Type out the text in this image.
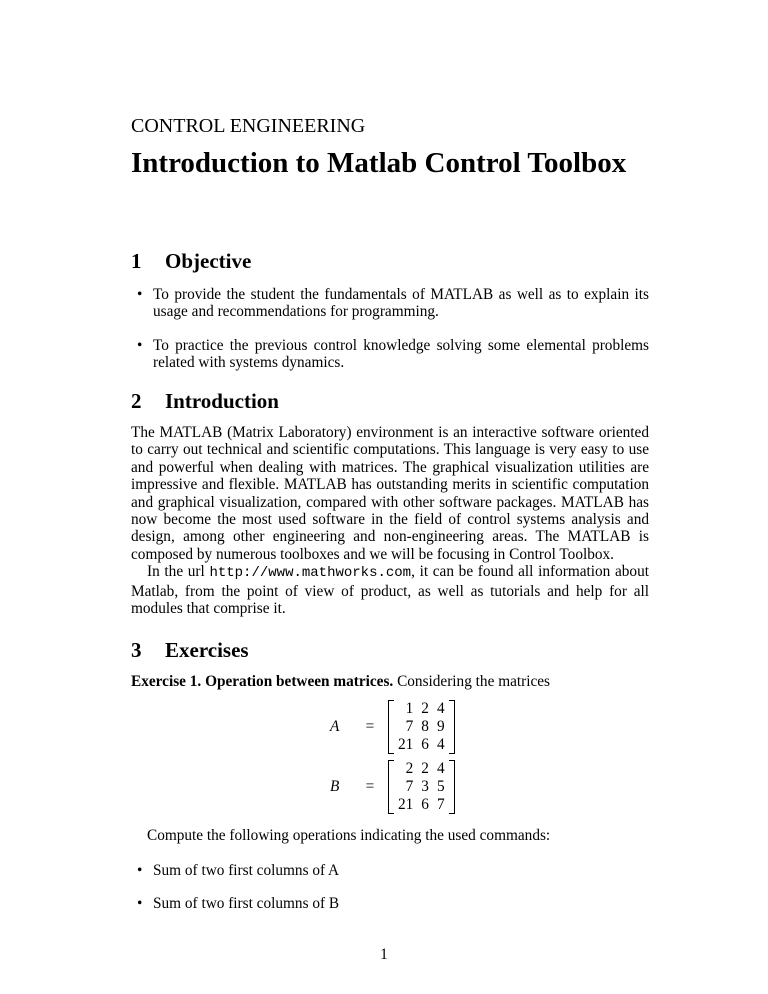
CONTROL ENGINEERING
Introduction to Matlab Control Toolbox
1 Objective
• To provide the student the fundamentals of MATLAB as well as to explain its usage and recommendations for programming.
• To practice the previous control knowledge solving some elemental problems related with systems dynamics.
2 Introduction

The MATLAB (Matrix Laboratory) environment is an interactive software oriented to carry out technical and scientific computations. This language is very easy to use and powerful when dealing with matrices. The graphical visualization utilities are impressive and flexible. MATLAB has outstanding merits in scientific computation and graphical visualization, compared with other software packages. MATLAB has now become the most used software in the field of control systems analysis and design, among other engineering and non-engineering areas. The MATLAB is composed by numerous toolboxes and we will be focusing in Control Toolbox.

In the url http://www.mathworks.com, it can be found all information about Matlab, from the point of view of product, as well as tutorials and help for all modules that comprise it.

3 Exercises
Exercise 1. Operation between matrices. Considering the matrices
A	=
1	2	4
7	8	9
21	6	4
B	=
2	2	4
7	3	5
21	6	7
Compute the following operations indicating the used commands:
• Sum of two first columns of A
• Sum of two first columns of B
1
